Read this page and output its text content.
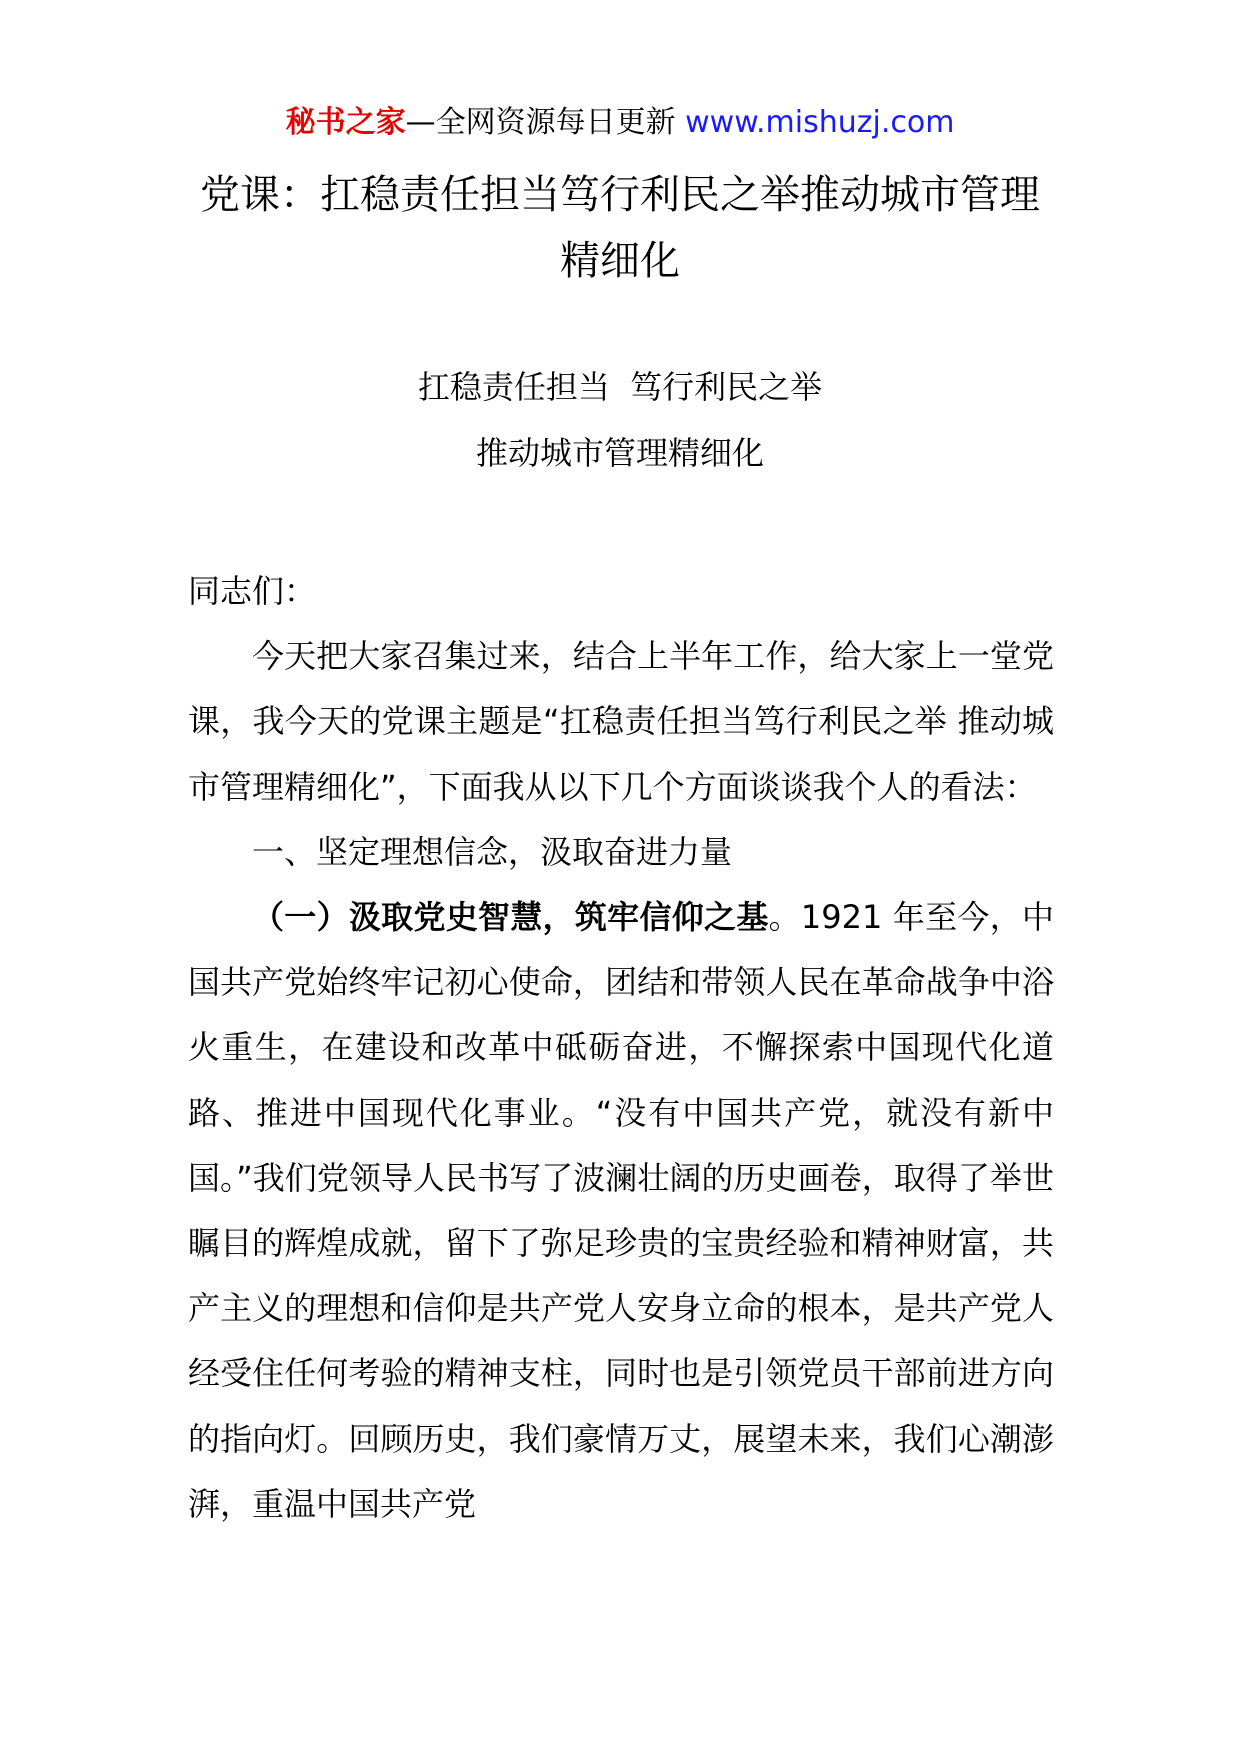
秘书之家—全网资源每日更新 www.mishuzj.com
党课：扛稳责任担当笃行利民之举推动城市管理精细化
扛稳责任担当  笃行利民之举
推动城市管理精细化

同志们：

今天把大家召集过来，结合上半年工作，给大家上一堂党课，我今天的党课主题是“扛稳责任担当笃行利民之举 推动城市管理精细化”，下面我从以下几个方面谈谈我个人的看法：

一、坚定理想信念，汲取奋进力量

（一）汲取党史智慧，筑牢信仰之基。1921 年至今，中国共产党始终牢记初心使命，团结和带领人民在革命战争中浴火重生，在建设和改革中砥砺奋进，不懈探索中国现代化道路、推进中国现代化事业。“没有中国共产党，就没有新中国。”我们党领导人民书写了波澜壮阔的历史画卷，取得了举世瞩目的辉煌成就，留下了弥足珍贵的宝贵经验和精神财富，共产主义的理想和信仰是共产党人安身立命的根本，是共产党人经受住任何考验的精神支柱，同时也是引领党员干部前进方向的指向灯。回顾历史，我们豪情万丈，展望未来，我们心潮澎湃，重温中国共产党
